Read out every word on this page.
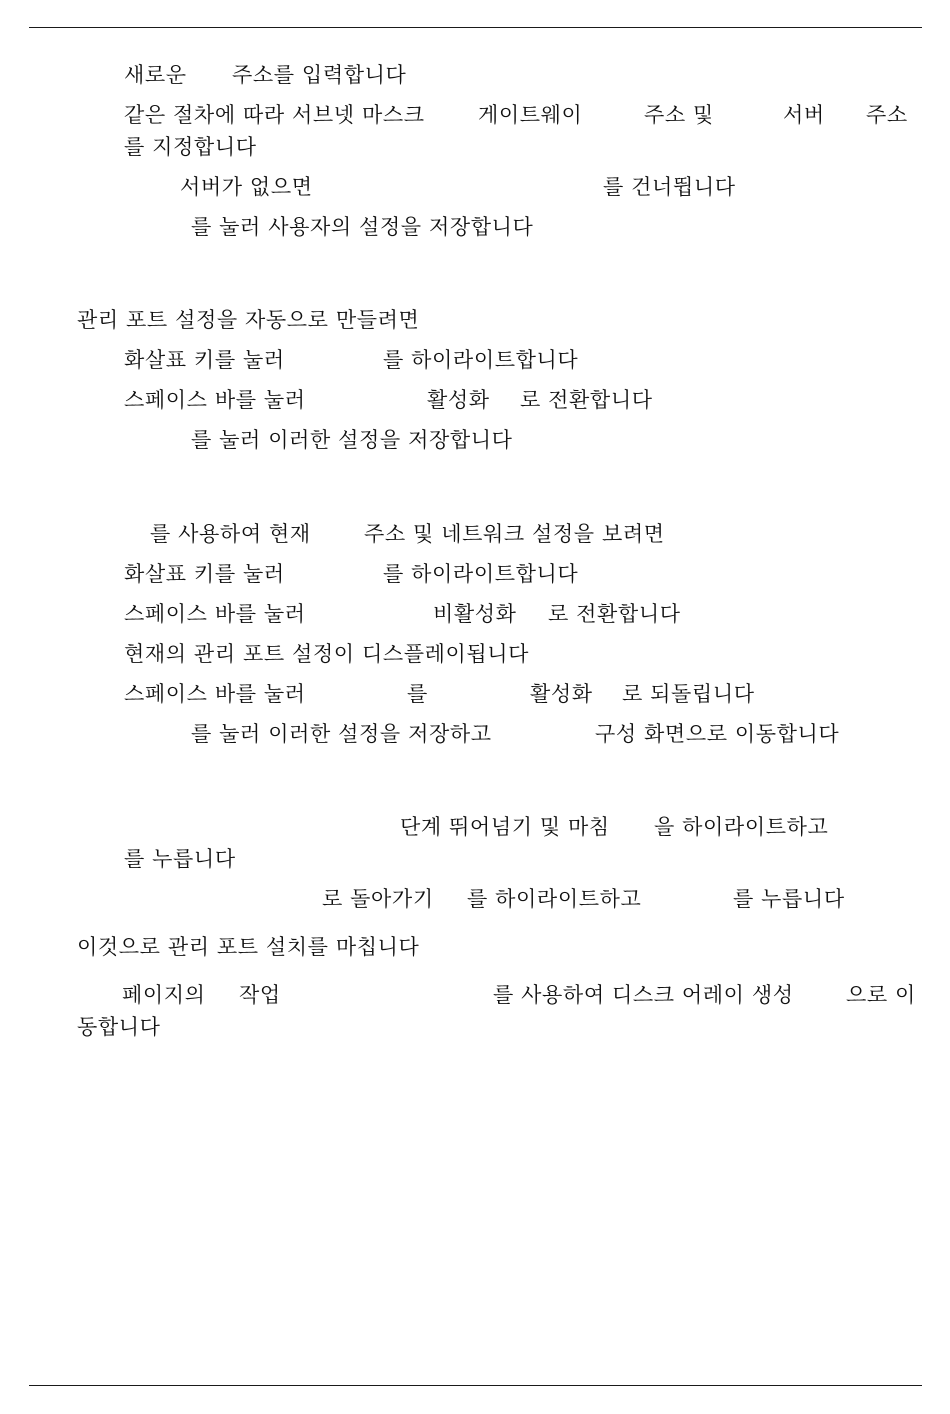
새로운 주소를 입력합니다
같은 절차에 따라 서브넷 마스크	게이트웨이	주소 및	서버 주소
를 지정합니다
서버가 없으면	를 건너뜁니다
를 눌러 사용자의 설정을 저장합니다
관리 포트 설정을 자동으로 만들려면
화살표 키를 눌러	를 하이라이트합니다
스페이스 바를 눌러	활성화 로 전환합니다
를 눌러 이러한 설정을 저장합니다
를 사용하여 현재	주소 및 네트워크 설정을 보려면
화살표 키를 눌러	를 하이라이트합니다
스페이스 바를 눌러	비활성화 로 전환합니다
현재의 관리 포트 설정이 디스플레이됩니다
스페이스 바를 눌러	를	활성화 로 되돌립니다
를 눌러 이러한 설정을 저장하고	구성 화면으로 이동합니다
단계 뛰어넘기 및 마침 을 하이라이트하고
를 누릅니다
로 돌아가기 를 하이라이트하고	를 누릅니다
이것으로 관리 포트 설치를 마칩니다
페이지의 작업	를 사용하여 디스크 어레이 생성 으로 이
동합니다
